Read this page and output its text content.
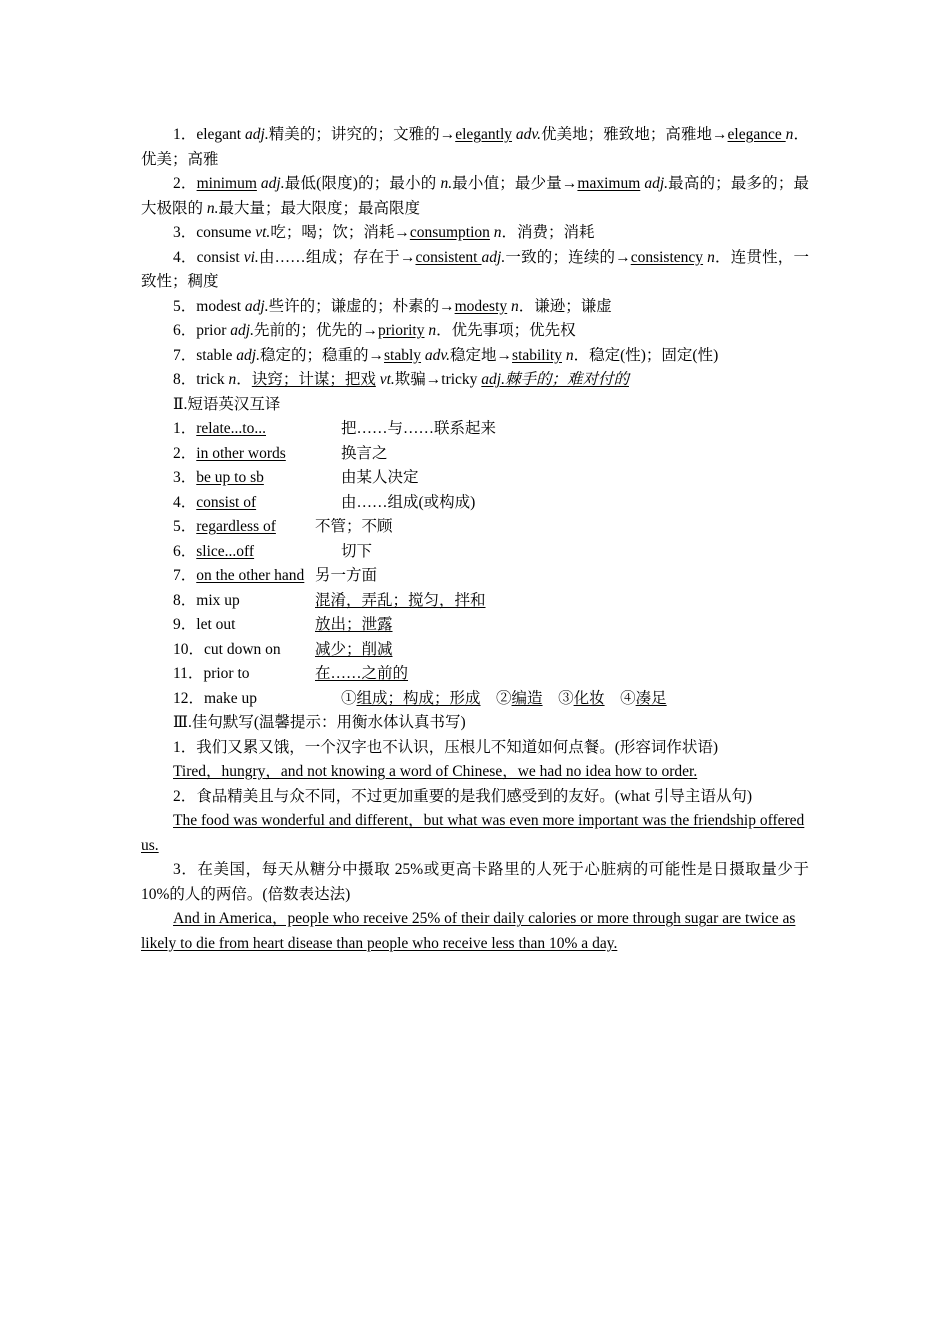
1．elegant adj.精美的；讲究的；文雅的→elegantly adv.优美地；雅致地；高雅地→elegance n．优美；高雅

2．minimum adj.最低(限度)的；最小的 n.最小值；最少量→maximum adj.最高的；最多的；最大极限的 n.最大量；最大限度；最高限度

3．consume vt.吃；喝；饮；消耗→consumption n．消费；消耗

4．consist vi.由……组成；存在于→consistent adj.一致的；连续的→consistency n．连贯性，一致性；稠度

5．modest adj.些许的；谦虚的；朴素的→modesty n．谦逊；谦虚

6．prior adj.先前的；优先的→priority n．优先事项；优先权

7．stable adj.稳定的；稳重的→stably adv.稳定地→stability n．稳定(性)；固定(性)

8．trick n．诀窍；计谋；把戏 vt.欺骗→tricky adj.棘手的；难对付的

Ⅱ.短语英汉互译

1．relate...to...	把……与……联系起来
2．in other words	换言之
3．be up to sb	由某人决定
4．consist of	由……组成(或构成)
5．regardless of	不管；不顾
6．slice...off	切下
7．on the other hand 另一方面
8．mix up	混淆，弄乱；搅匀，拌和
9．let out	放出；泄露
10．cut down on	减少；削减
11．prior to	在……之前的
12．make up	①组成；构成；形成　②编造　③化妆　④凑足

Ⅲ.佳句默写(温馨提示：用衡水体认真书写)

1．我们又累又饿，一个汉字也不认识，压根儿不知道如何点餐。(形容词作状语)

Tired，hungry，and not knowing a word of Chinese，we had no idea how to order.

2．食品精美且与众不同，不过更加重要的是我们感受到的友好。(what 引导主语从句)

The food was wonderful and different，but what was even more important was the friendship offered us.

3．在美国，每天从糖分中摄取 25%或更高卡路里的人死于心脏病的可能性是日摄取量少于 10%的人的两倍。(倍数表达法)

And in America，people who receive 25% of their daily calories or more through sugar are twice as likely to die from heart disease than people who receive less than 10% a day.
